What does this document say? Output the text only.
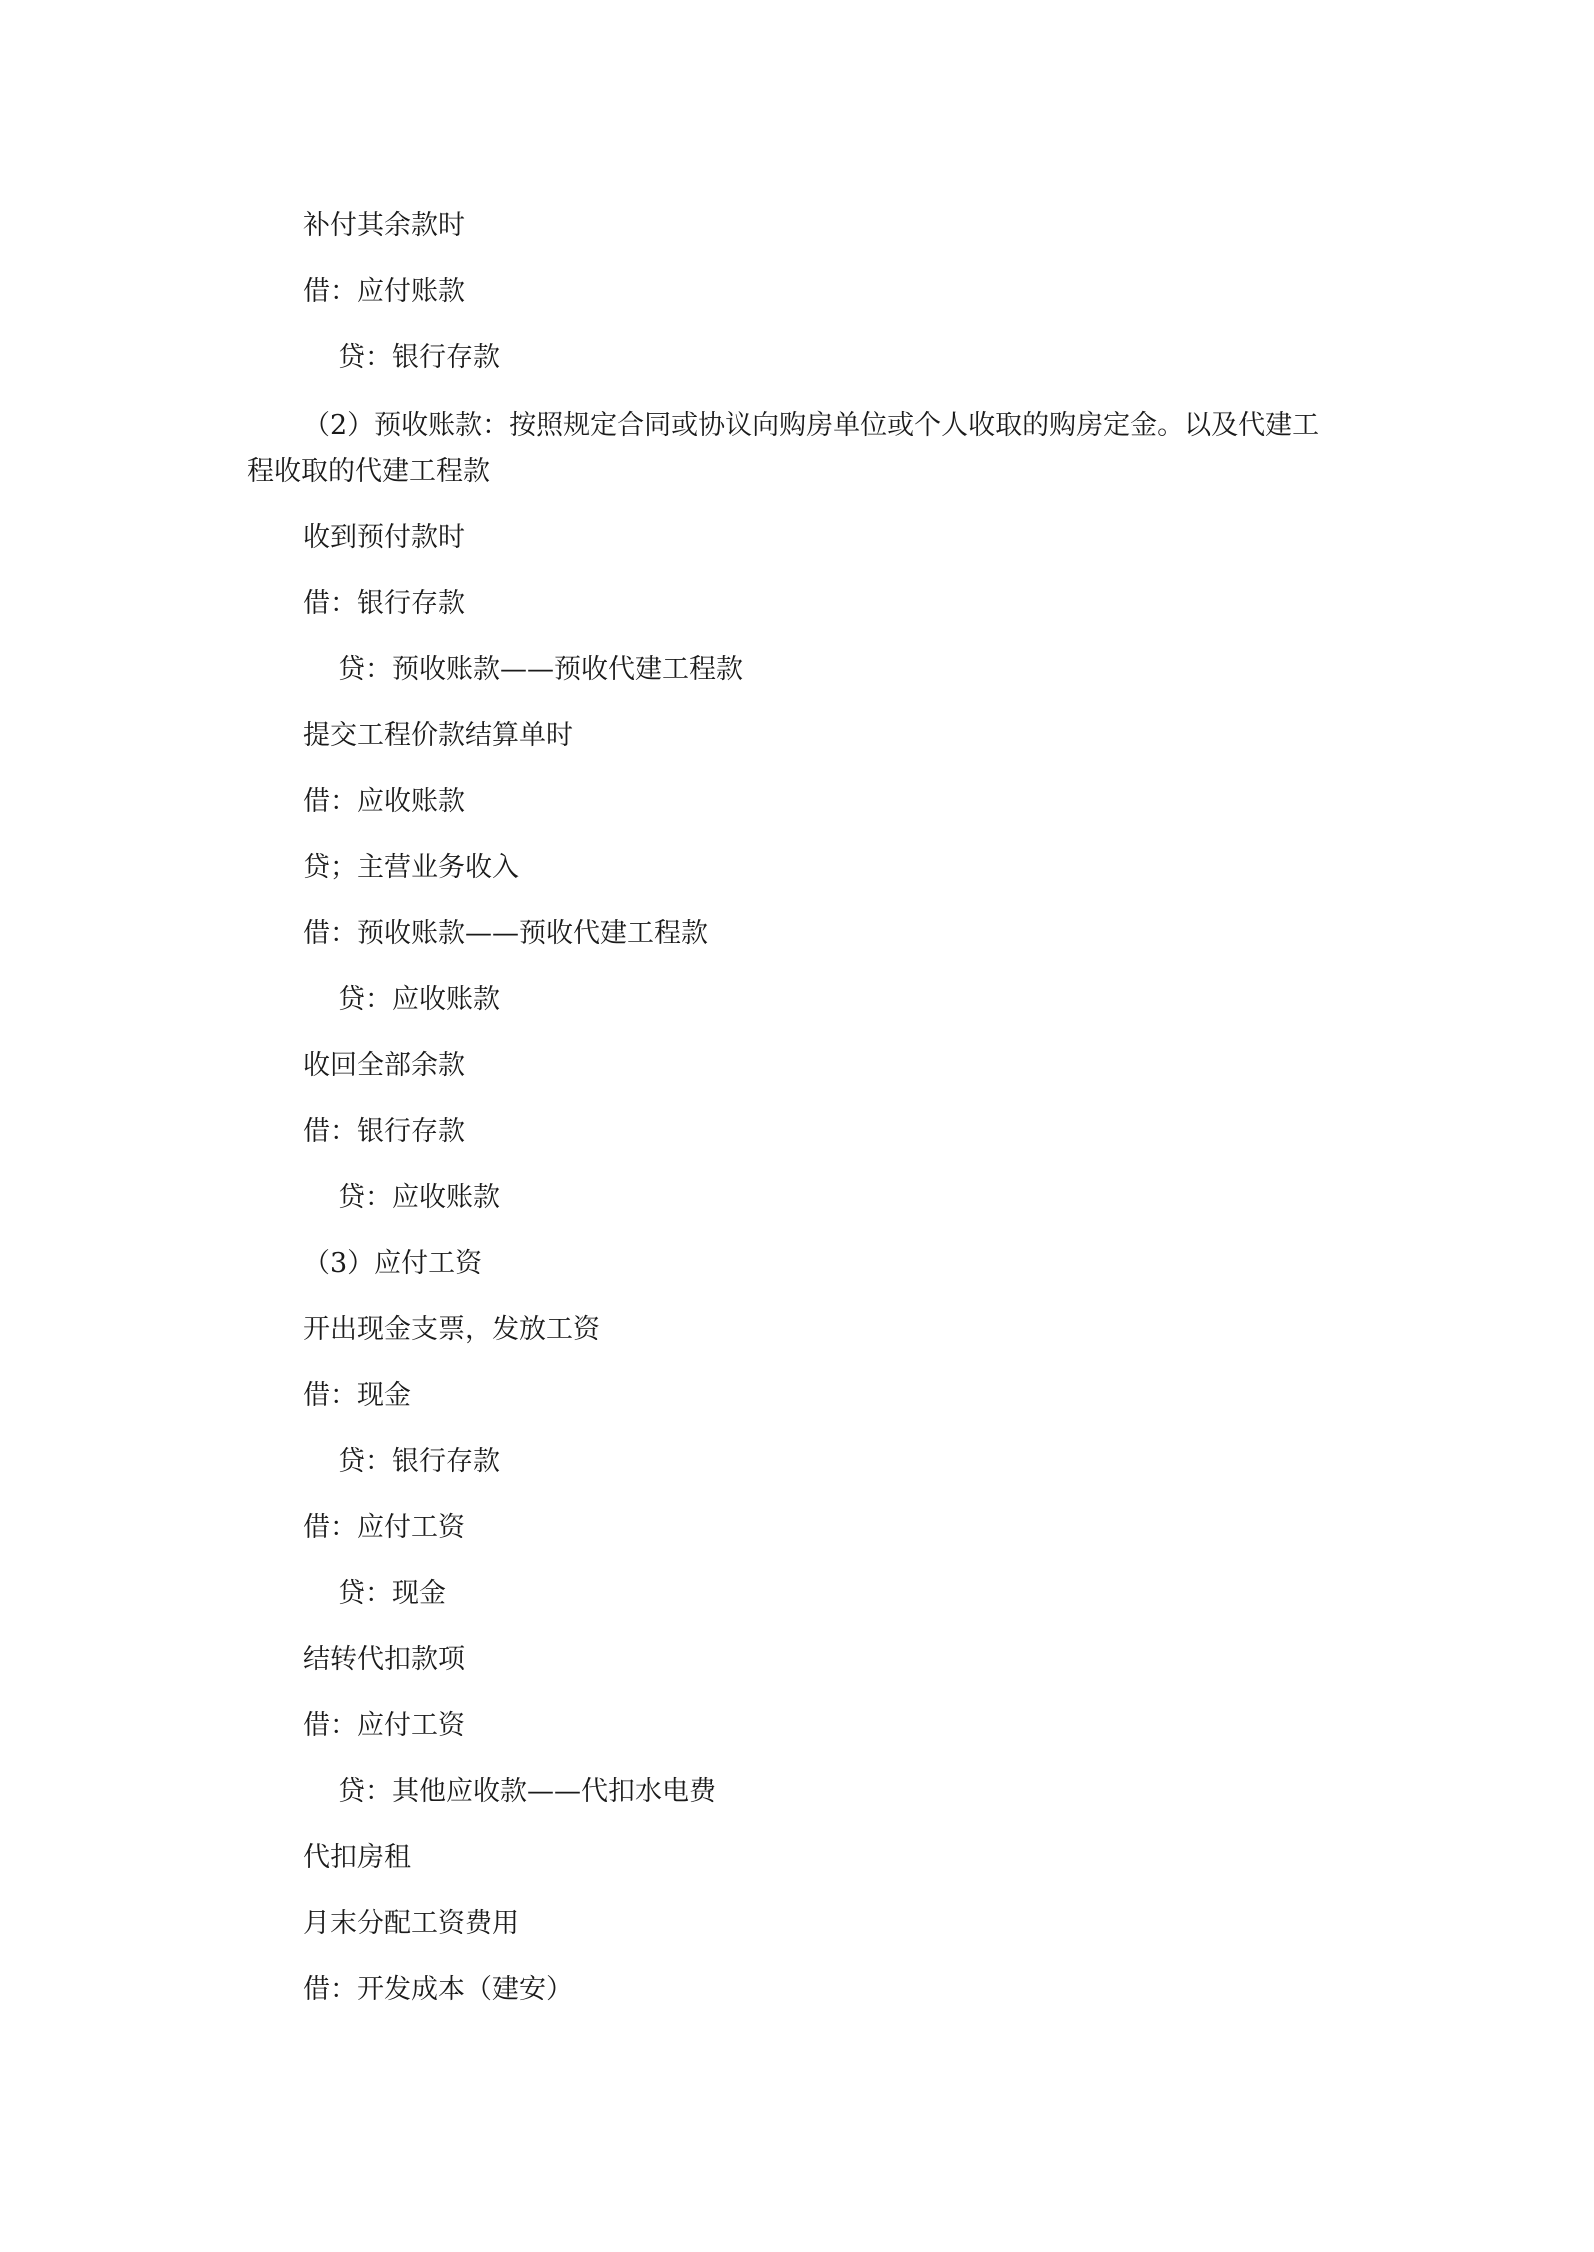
补付其余款时

借：应付账款

贷：银行存款

（2）预收账款：按照规定合同或协议向购房单位或个人收取的购房定金。以及代建工

程收取的代建工程款

收到预付款时

借：银行存款

贷：预收账款——预收代建工程款

提交工程价款结算单时

借：应收账款

贷；主营业务收入

借：预收账款——预收代建工程款

贷：应收账款

收回全部余款

借：银行存款

贷：应收账款

（3）应付工资

开出现金支票，发放工资

借：现金

贷：银行存款

借：应付工资

贷：现金

结转代扣款项

借：应付工资

贷：其他应收款——代扣水电费

代扣房租

月末分配工资费用

借：开发成本（建安）
